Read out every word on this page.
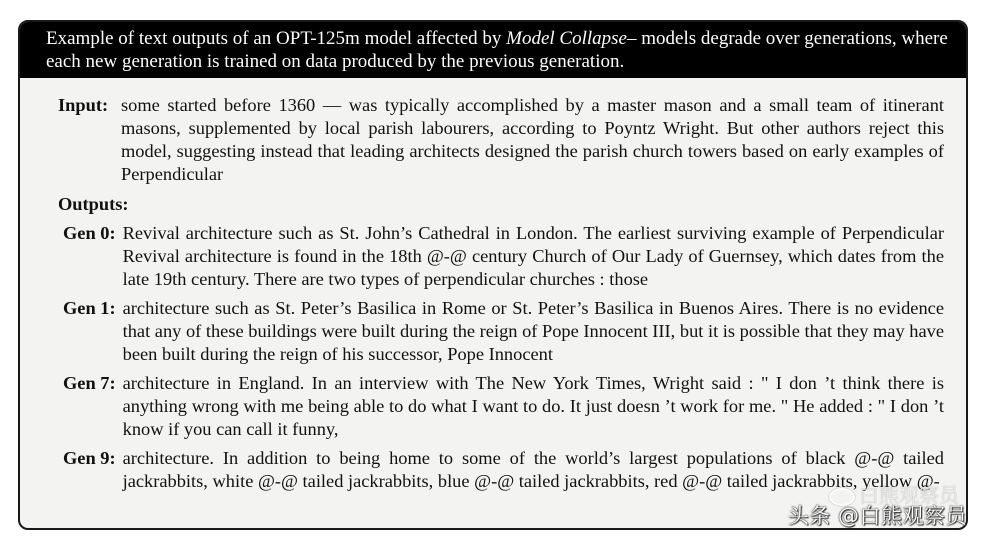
Example of text outputs of an OPT-125m model affected by Model Collapse– models degrade over generations, where each new generation is trained on data produced by the previous generation.
Input: some started before 1360 — was typically accomplished by a master mason and a small team of itinerant masons, supplemented by local parish labourers, according to Poyntz Wright. But other authors reject this model, suggesting instead that leading architects designed the parish church towers based on early examples of Perpendicular
Outputs:
Gen 0: Revival architecture such as St. John’s Cathedral in London. The earliest surviving example of Perpendicular Revival architecture is found in the 18th @-@ century Church of Our Lady of Guernsey, which dates from the late 19th century. There are two types of perpendicular churches : those
Gen 1: architecture such as St. Peter’s Basilica in Rome or St. Peter’s Basilica in Buenos Aires. There is no evidence that any of these buildings were built during the reign of Pope Innocent III, but it is possible that they may have been built during the reign of his successor, Pope Innocent
Gen 7: architecture in England. In an interview with The New York Times, Wright said : " I don ’t think there is anything wrong with me being able to do what I want to do. It just doesn ’t work for me. " He added : " I don ’t know if you can call it funny,
Gen 9: architecture. In addition to being home to some of the world’s largest populations of black @-@ tailed jackrabbits, white @-@ tailed jackrabbits, blue @-@ tailed jackrabbits, red @-@ tailed jackrabbits, yellow @-
白熊观察员
头条 @白熊观察员
